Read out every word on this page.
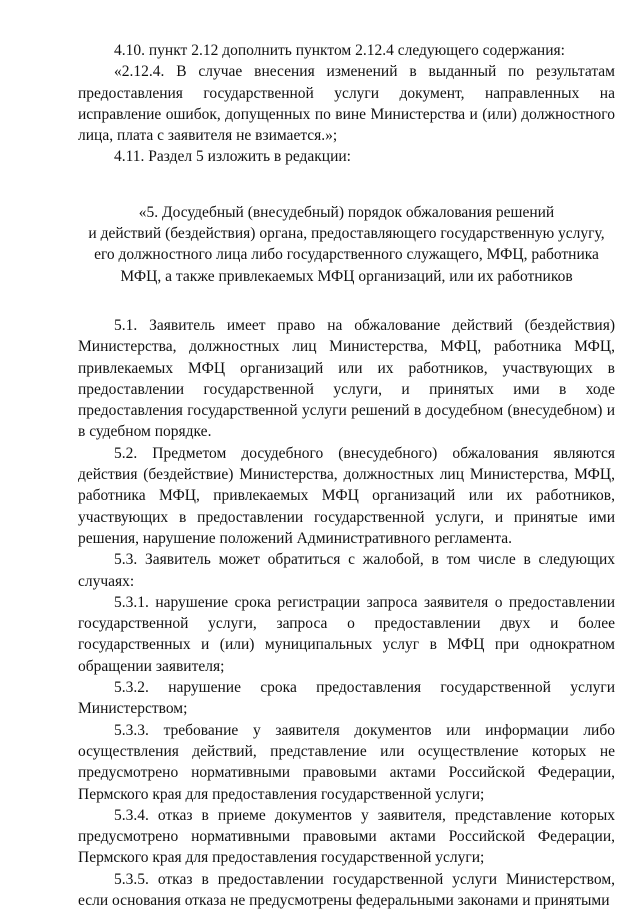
4.10. пункт 2.12 дополнить пунктом 2.12.4 следующего содержания:

«2.12.4. В случае внесения изменений в выданный по результатам предоставления государственной услуги документ, направленных на исправление ошибок, допущенных по вине Министерства и (или) должностного лица, плата с заявителя не взимается.»;

4.11. Раздел 5 изложить в редакции:

«5. Досудебный (внесудебный) порядок обжалования решений
и действий (бездействия) органа, предоставляющего государственную услугу,
его должностного лица либо государственного служащего, МФЦ, работника
МФЦ, а также привлекаемых МФЦ организаций, или их работников

5.1. Заявитель имеет право на обжалование действий (бездействия) Министерства, должностных лиц Министерства, МФЦ, работника МФЦ, привлекаемых МФЦ организаций или их работников, участвующих в предоставлении государственной услуги, и принятых ими в ходе предоставления государственной услуги решений в досудебном (внесудебном) и в судебном порядке.

5.2. Предметом досудебного (внесудебного) обжалования являются действия (бездействие) Министерства, должностных лиц Министерства, МФЦ, работника МФЦ, привлекаемых МФЦ организаций или их работников, участвующих в предоставлении государственной услуги, и принятые ими решения, нарушение положений Административного регламента.

5.3. Заявитель может обратиться с жалобой, в том числе в следующих случаях:

5.3.1. нарушение срока регистрации запроса заявителя о предоставлении государственной услуги, запроса о предоставлении двух и более государственных и (или) муниципальных услуг в МФЦ при однократном обращении заявителя;

5.3.2. нарушение срока предоставления государственной услуги Министерством;

5.3.3. требование у заявителя документов или информации либо осуществления действий, представление или осуществление которых не предусмотрено нормативными правовыми актами Российской Федерации, Пермского края для предоставления государственной услуги;

5.3.4. отказ в приеме документов у заявителя, представление которых предусмотрено нормативными правовыми актами Российской Федерации, Пермского края для предоставления государственной услуги;

5.3.5. отказ в предоставлении государственной услуги Министерством, если основания отказа не предусмотрены федеральными законами и принятыми
